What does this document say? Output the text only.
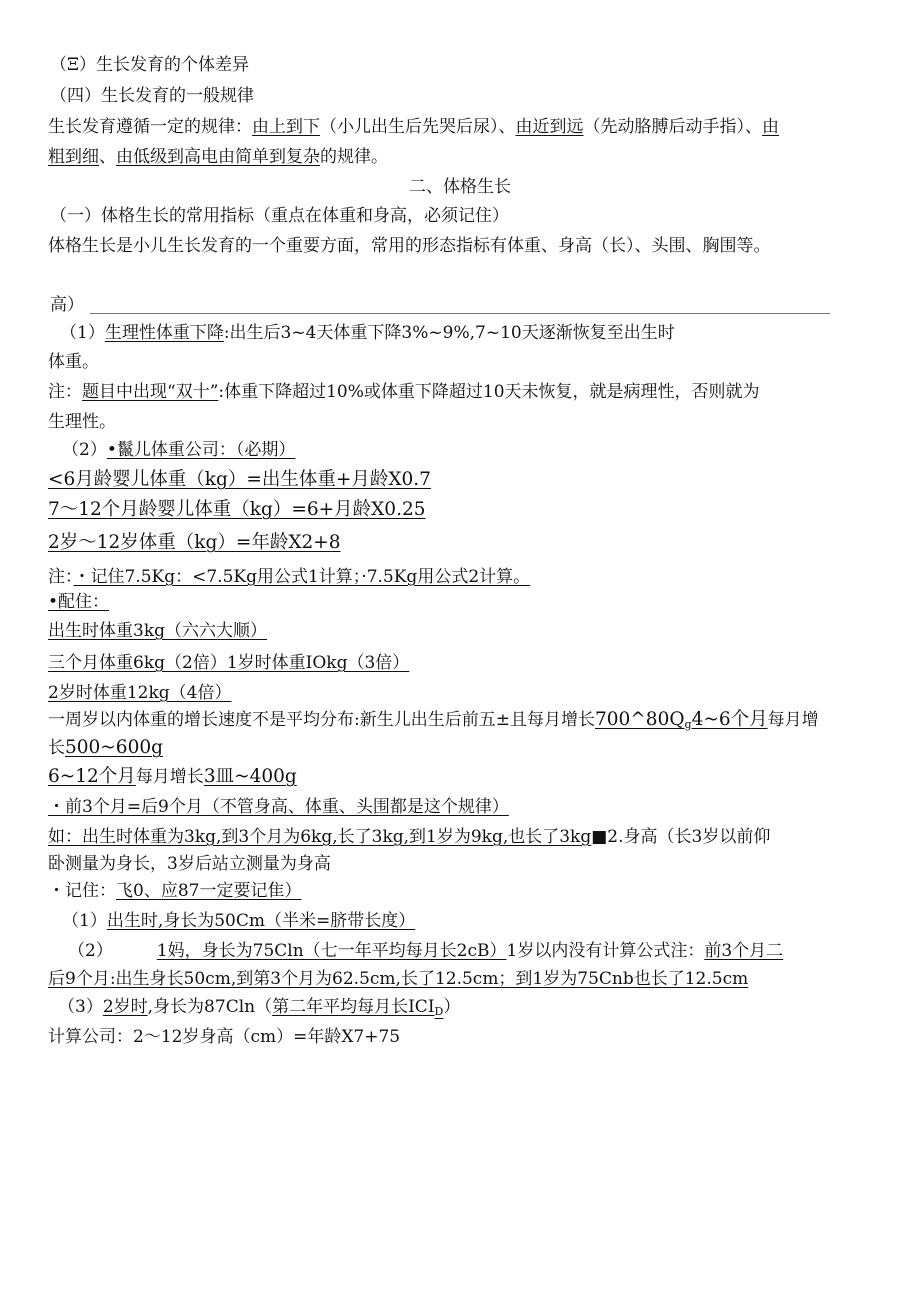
（Ξ）生长发育的个体差异
（四）生长发育的一般规律
生长发育遵循一定的规律：由上到下（小儿出生后先哭后尿）、由近到远（先动胳膊后动手指）、由
粗到细、由低级到高电由简单到复杂的规律。
二、体格生长
（一）体格生长的常用指标（重点在体重和身高，必须记住）
体格生长是小儿生长发育的一个重要方面，常用的形态指标有体重、身高（长）、头围、胸围等。
高）
（1）生理性体重下降:出生后3~4天体重下降3%~9%,7~10天逐渐恢复至出生时
体重。
注：题目中出现“双十”:体重下降超过10%或体重下降超过10天未恢复，就是病理性，否则就为
生理性。
（2）•鬣儿体重公司：（必期）
<6月龄婴儿体重（kg）=出生体重+月龄X0.7
7～12个月龄婴儿体重（kg）=6+月龄X0.25
2岁～12岁体重（kg）=年龄X2+8
注：・记住7.5Kg：<7.5Kg用公式1计算；·7.5Kg用公式2计算。
•配住：
出生时体重3kg（六六大顺）
三个月体重6kg（2倍）1岁时体重IOkg（3倍）
2岁时体重12kg（4倍）
一周岁以内体重的增长速度不是平均分布:新生儿出生后前五±且每月增长$700\^{}80Q_g4\sim 6$个月每月增
长500~600g
6~12个月每月增长3皿~400g
・前3个月=后9个月（不管身高、体重、头围都是这个规律）
如：出生时体重为3kg,到3个月为6kg,长了3kg,到1岁为9kg,也长了3kg■2.身高（长3岁以前仰
卧测量为身长，3岁后站立测量为身高
・记住：飞0、应87一定要记隹）
（1）出生时,身长为50Cm（半米=脐带长度）
（2）	1妈，身长为75Cln（七一年平均每月长2cB）1岁以内没有计算公式注：前3个月二
后9个月:出生身长50cm,到第3个月为62.5cm,长了12.5cm；到1岁为75Cnb也长了12.5cm
（3）2岁时,身长为87Cln（第二年平均每月长$ICI_D$）
计算公司：2～12岁身高（cm）=年龄X7+75
